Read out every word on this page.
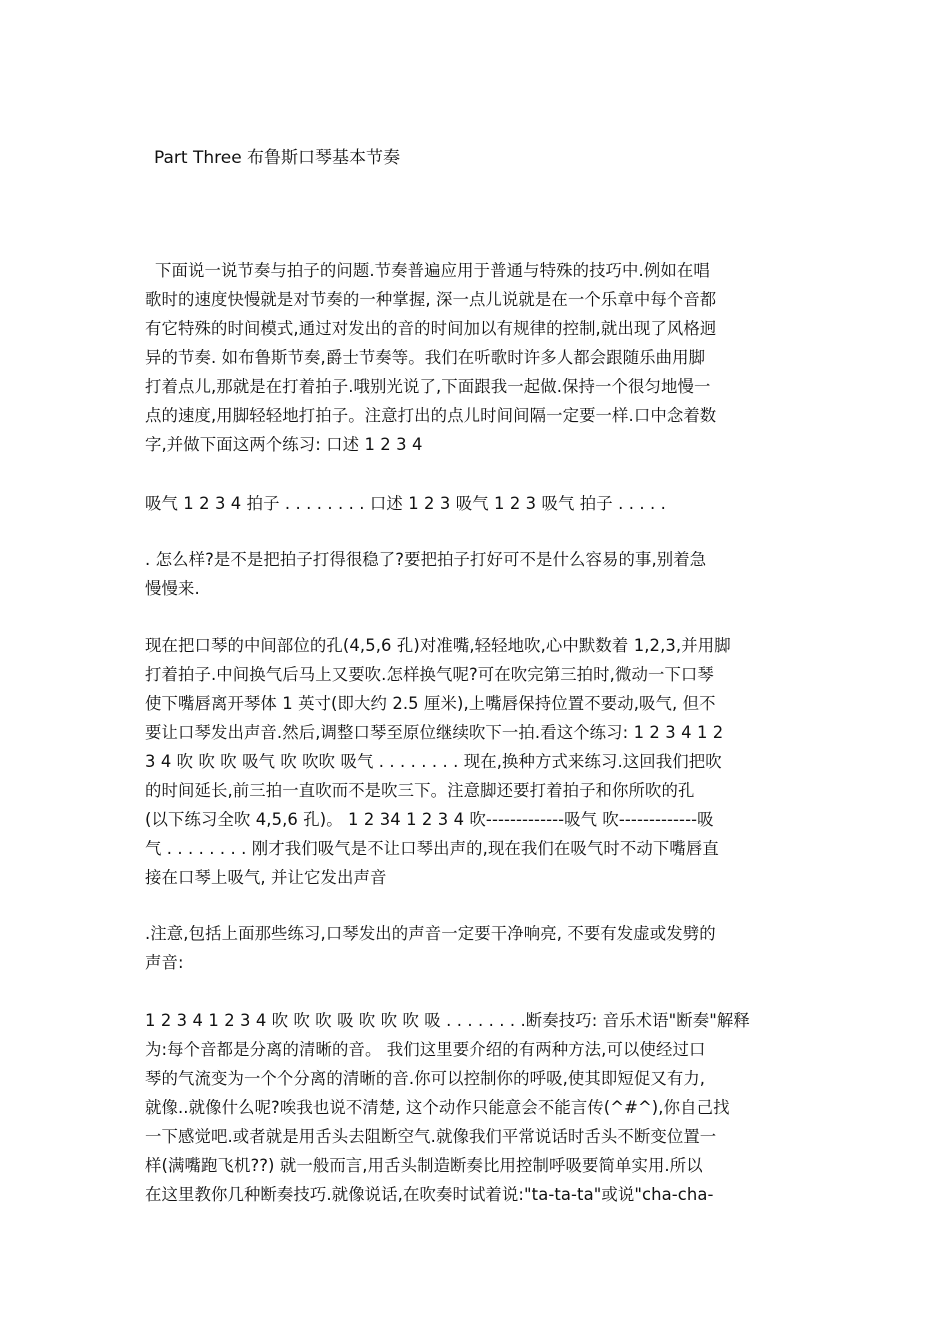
Part Three 布鲁斯口琴基本节奏
下面说一说节奏与拍子的问题.节奏普遍应用于普通与特殊的技巧中.例如在唱
歌时的速度快慢就是对节奏的一种掌握, 深一点儿说就是在一个乐章中每个音都
有它特殊的时间模式,通过对发出的音的时间加以有规律的控制,就出现了风格迥
异的节奏. 如布鲁斯节奏,爵士节奏等。我们在听歌时许多人都会跟随乐曲用脚
打着点儿,那就是在打着拍子.哦别光说了,下面跟我一起做.保持一个很匀地慢一
点的速度,用脚轻轻地打拍子。注意打出的点儿时间间隔一定要一样.口中念着数
字,并做下面这两个练习: 口述 1 2 3 4
吸气 1 2 3 4 拍子 . . . . . . . . 口述 1 2 3 吸气 1 2 3 吸气 拍子 . . . . .
. 怎么样?是不是把拍子打得很稳了?要把拍子打好可不是什么容易的事,别着急
慢慢来.
现在把口琴的中间部位的孔(4,5,6 孔)对准嘴,轻轻地吹,心中默数着 1,2,3,并用脚
打着拍子.中间换气后马上又要吹.怎样换气呢?可在吹完第三拍时,微动一下口琴
使下嘴唇离开琴体 1 英寸(即大约 2.5 厘米),上嘴唇保持位置不要动,吸气, 但不
要让口琴发出声音.然后,调整口琴至原位继续吹下一拍.看这个练习: 1 2 3 4 1 2
3 4 吹 吹 吹 吸气 吹 吹吹 吸气 . . . . . . . . 现在,换种方式来练习.这回我们把吹
的时间延长,前三拍一直吹而不是吹三下。注意脚还要打着拍子和你所吹的孔
(以下练习全吹 4,5,6 孔)。 1 2 34 1 2 3 4 吹-------------吸气 吹-------------吸
气 . . . . . . . . 刚才我们吸气是不让口琴出声的,现在我们在吸气时不动下嘴唇直
接在口琴上吸气, 并让它发出声音
.注意,包括上面那些练习,口琴发出的声音一定要干净响亮, 不要有发虚或发劈的
声音:
1 2 3 4 1 2 3 4 吹 吹 吹 吸 吹 吹 吹 吸 . . . . . . . .断奏技巧: 音乐术语"断奏"解释
为:每个音都是分离的清晰的音。 我们这里要介绍的有两种方法,可以使经过口
琴的气流变为一个个分离的清晰的音.你可以控制你的呼吸,使其即短促又有力,
就像..就像什么呢?唉我也说不清楚, 这个动作只能意会不能言传(^#^),你自己找
一下感觉吧.或者就是用舌头去阻断空气.就像我们平常说话时舌头不断变位置一
样(满嘴跑飞机??) 就一般而言,用舌头制造断奏比用控制呼吸要简单实用.所以
在这里教你几种断奏技巧.就像说话,在吹奏时试着说:"ta-ta-ta"或说"cha-cha-
